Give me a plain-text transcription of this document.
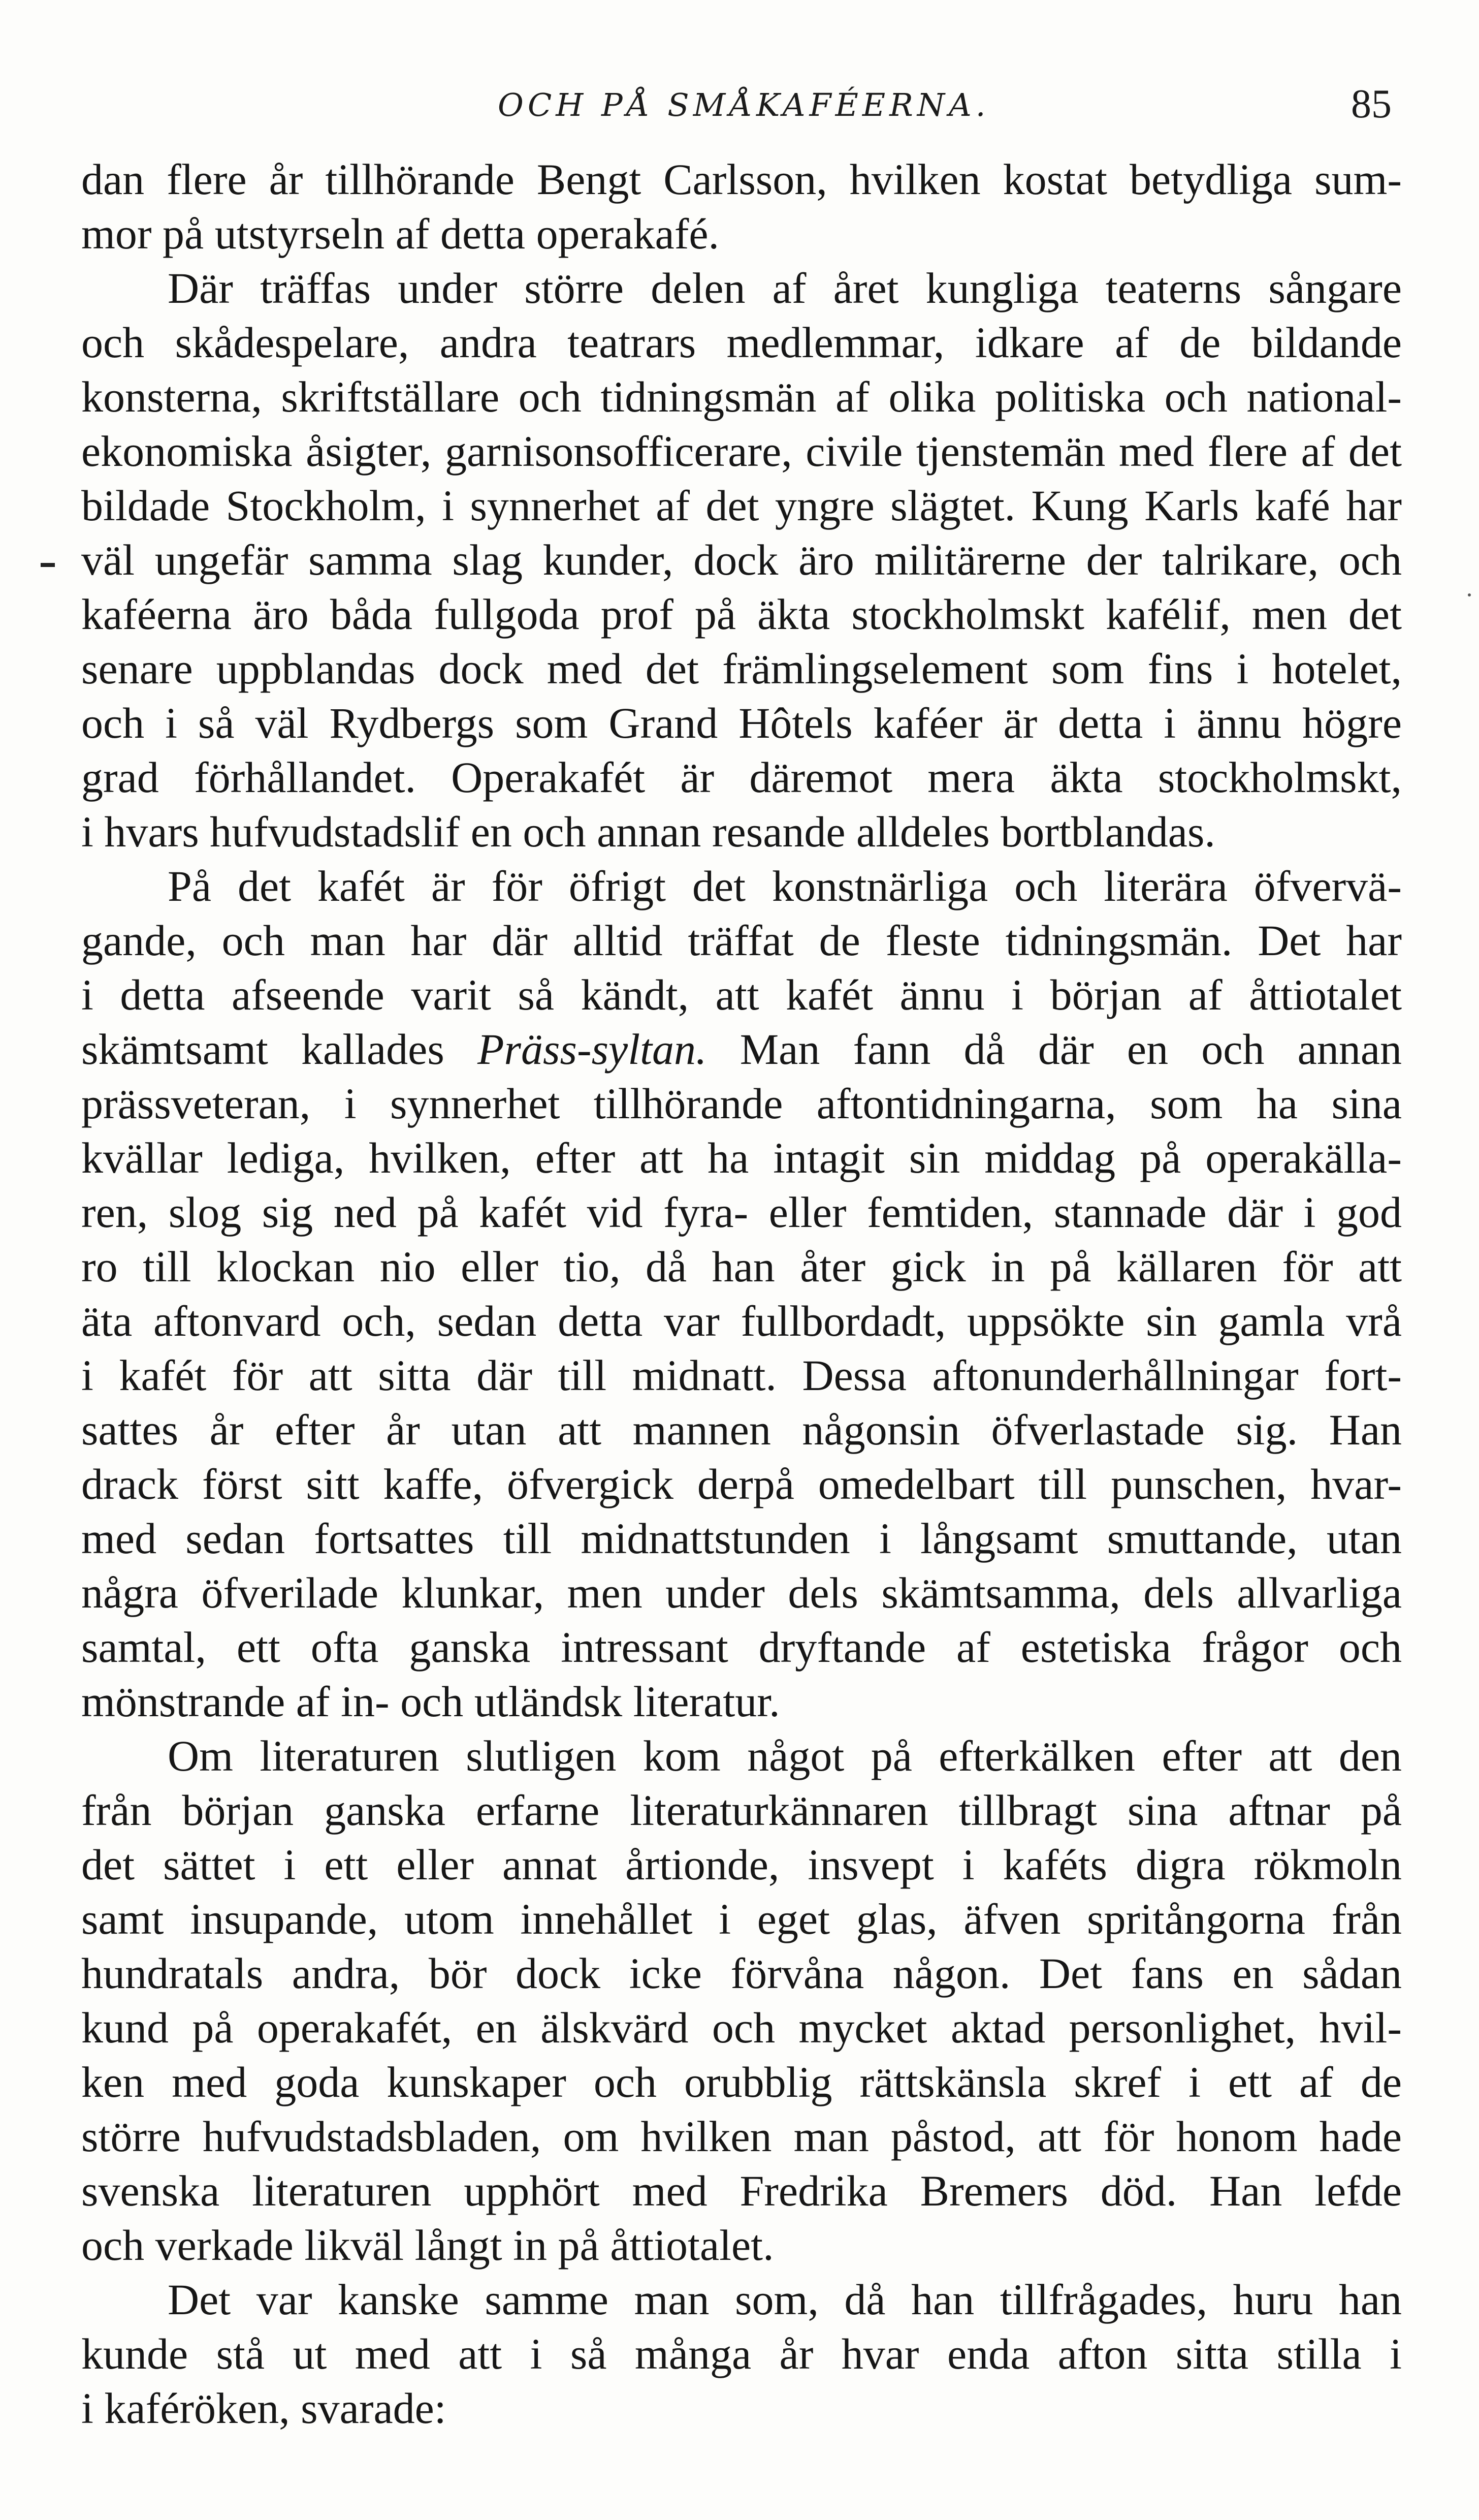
OCH PÅ SMÅKAFÉERNA.	85

dan flere år tillhörande Bengt Carlsson, hvilken kostat betydliga sum-
mor på utstyrseln af detta operakafé.

Där träffas under större delen af året kungliga teaterns sångare
och skådespelare, andra teatrars medlemmar, idkare af de bildande
konsterna, skriftställare och tidningsmän af olika politiska och national-
ekonomiska åsigter, garnisonsofficerare, civile tjenstemän med flere af det
bildade Stockholm, i synnerhet af det yngre slägtet. Kung Karls kafé har
väl ungefär samma slag kunder, dock äro militärerne der talrikare, och
kaféerna äro båda fullgoda prof på äkta stockholmskt kafélif, men det
senare uppblandas dock med det främlingselement som fins i hotelet,
och i så väl Rydbergs som Grand Hôtels kaféer är detta i ännu högre
grad förhållandet. Operakafét är däremot mera äkta stockholmskt,
i hvars hufvudstadslif en och annan resande alldeles bortblandas.

På det kafét är för öfrigt det konstnärliga och literära öfvervä-
gande, och man har där alltid träffat de fleste tidningsmän. Det har
i detta afseende varit så kändt, att kafét ännu i början af åttiotalet
skämtsamt kallades Präss-syltan. Man fann då där en och annan
prässveteran, i synnerhet tillhörande aftontidningarna, som ha sina
kvällar lediga, hvilken, efter att ha intagit sin middag på operakälla-
ren, slog sig ned på kafét vid fyra- eller femtiden, stannade där i god
ro till klockan nio eller tio, då han åter gick in på källaren för att
äta aftonvard och, sedan detta var fullbordadt, uppsökte sin gamla vrå
i kafét för att sitta där till midnatt. Dessa aftonunderhållningar fort-
sattes år efter år utan att mannen någonsin öfverlastade sig. Han
drack först sitt kaffe, öfvergick derpå omedelbart till punschen, hvar-
med sedan fortsattes till midnattstunden i långsamt smuttande, utan
några öfverilade klunkar, men under dels skämtsamma, dels allvarliga
samtal, ett ofta ganska intressant dryftande af estetiska frågor och
mönstrande af in- och utländsk literatur.

Om literaturen slutligen kom något på efterkälken efter att den
från början ganska erfarne literaturkännaren tillbragt sina aftnar på
det sättet i ett eller annat årtionde, insvept i kaféts digra rökmoln
samt insupande, utom innehållet i eget glas, äfven spritångorna från
hundratals andra, bör dock icke förvåna någon. Det fans en sådan
kund på operakafét, en älskvärd och mycket aktad personlighet, hvil-
ken med goda kunskaper och orubblig rättskänsla skref i ett af de
större hufvudstadsbladen, om hvilken man påstod, att för honom hade
svenska literaturen upphört med Fredrika Bremers död. Han lefde
och verkade likväl långt in på åttiotalet.

Det var kanske samme man som, då han tillfrågades, huru han
kunde stå ut med att i så många år hvar enda afton sitta stilla i
i kaféröken, svarade:
